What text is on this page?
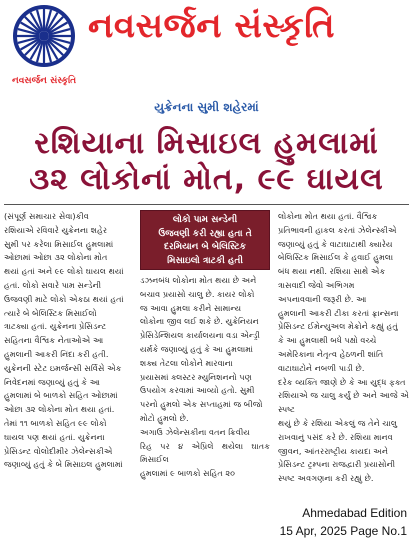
નવસર્જન સંસ્કૃતિ
નવસર્જન સંસ્કૃતિ
યુક્રેનના સુમી શહેરમાં
રશિયાના મિસાઇલ હુમલામાં
૩૨ લોકોનાં મોત, ૯૯ ઘાયલ

(સંપૂર્ણ સમાચાર સેવા)કીવ

રશિયાએ રવિવારે યુક્રેનના શહેર

સુમી પર કરેલા મિસાઈલ હુમલામાં

ઓછામાં ઓછા ૩૨ લોકોના મોત

થયાં હતાં અને ૯૯ લોકો ઘાયલ થયાં

હતાં. લોકો સવારે પામ સન્ડેની

ઉજવણી માટે લોકો એકઠા થયાં હતાં

ત્યારે બે બેલિસ્ટિક મિસાઈલો

ત્રાટક્યા હતાં. યુક્રેનના પ્રેસિડન્ટ

સહિતના વૈશ્વિક નેતાઓએ આ

હુમલાની આકરી નિંદા કરી હતી.

યુક્રેનની સ્ટેટ ઇમર્જન્સી સર્વિસે એક

નિવેદનમાં જણાવ્યું હતું કે આ

હુમલામાં બે બાળકો સહિત ઓછામાં

ઓછા ૩૨ લોકોના મોત થયા હતાં.

તેમાં ૧૧ બાળકો સહિત ૯૯ લોકો

ઘાયલ પણ થયાં હતાં. યુક્રેનના

પ્રેસિડન્ટ વોલોદીમીર ઝેલેન્સકીએ

જણાવ્યું હતું કે બે મિસાઇલ હુમલામાં

લોકો પામ સન્ડેની
ઉજવણી કરી રહ્યા હતા તે
દરમિયાન બે બેલિસ્ટિક
મિસાઇલો ત્રાટકી હતી

ડઝનબંધ લોકોના મોત થયા છે અને

બચાવ પ્રયાસો ચાલુ છે. કાયર લોકો

જ આવા હુમલા કરીને સામાન્ય

લોકોના જીવ લઈ શકે છે. યુક્રેનિયન

પ્રેસિડેન્શિયલ કાર્યાલયના વડા એન્ડ્રી

યર્મકે જણાવ્યું હતું કે આ હુમલામાં

શક્ય તેટલા લોકોને મારવાના

પ્રયાસમાં ક્લસ્ટર મ્યુનિશનનો પણ

ઉપયોગ કરવામાં આવ્યો હતો. સુમી

પરનો હુમલો એક સપ્તાહમાં જ બીજો

મોટો હુમલો છે.

અગાઉ ઝેલેન્સકીના વતન ક્રિવીય

રિહ પર ૪ એપ્રિલે થયેલા ઘાતક મિસાઈલ

હુમલામાં ૯ બાળકો સહિત ૨૦

લોકોના મોત થયા હતાં. વૈશ્વિક

પ્રતિભાવની હાકલ કરતાં ઝેલેન્સ્કીએ

જણાવ્યું હતું કે વાટાઘાટાથી ક્યારેય

બેલિસ્ટિક મિસાઈલ કે હવાઈ હુમલા

બંધ થયા નથી. રશિયા સાથે એક

ત્રાસવાદી જેવો અભિગમ

અપનાવવાની જરૂરી છે. આ

હુમલાની આકરી ટીકા કરતાં ફ્રાન્સના

પ્રેસિડન્ટ ઈમેન્યુઅલ મેક્રોને કહ્યું હતું

કે આ હુમલાથી બધે પક્ષો વચ્ચે

અમેરિકાના નેતૃત્વ હેઠળની શાંતિ

વાટાઘાટોને નબળી પાડી છે.

દરેક વ્યક્તિ જાણે છે કે આ યુદ્ધ ફક્ત

રશિયાએ જ ચાલુ કર્યું છે અને આજે એ સ્પષ્ટ

થયું છે કે રશિયા એકલું જ તેને ચાલુ

રાખવાનું પસંદ કરે છે. રશિયા માનવ

જીવન, આંતરરાષ્ટ્રીય કાયદા અને

પ્રેસિડન્ટ ટ્રમ્પના રાજદ્વારી પ્રયાસોની

સ્પષ્ટ અવગણના કરી રહ્યું છે.

Ahmedabad Edition
15 Apr, 2025 Page No.1
